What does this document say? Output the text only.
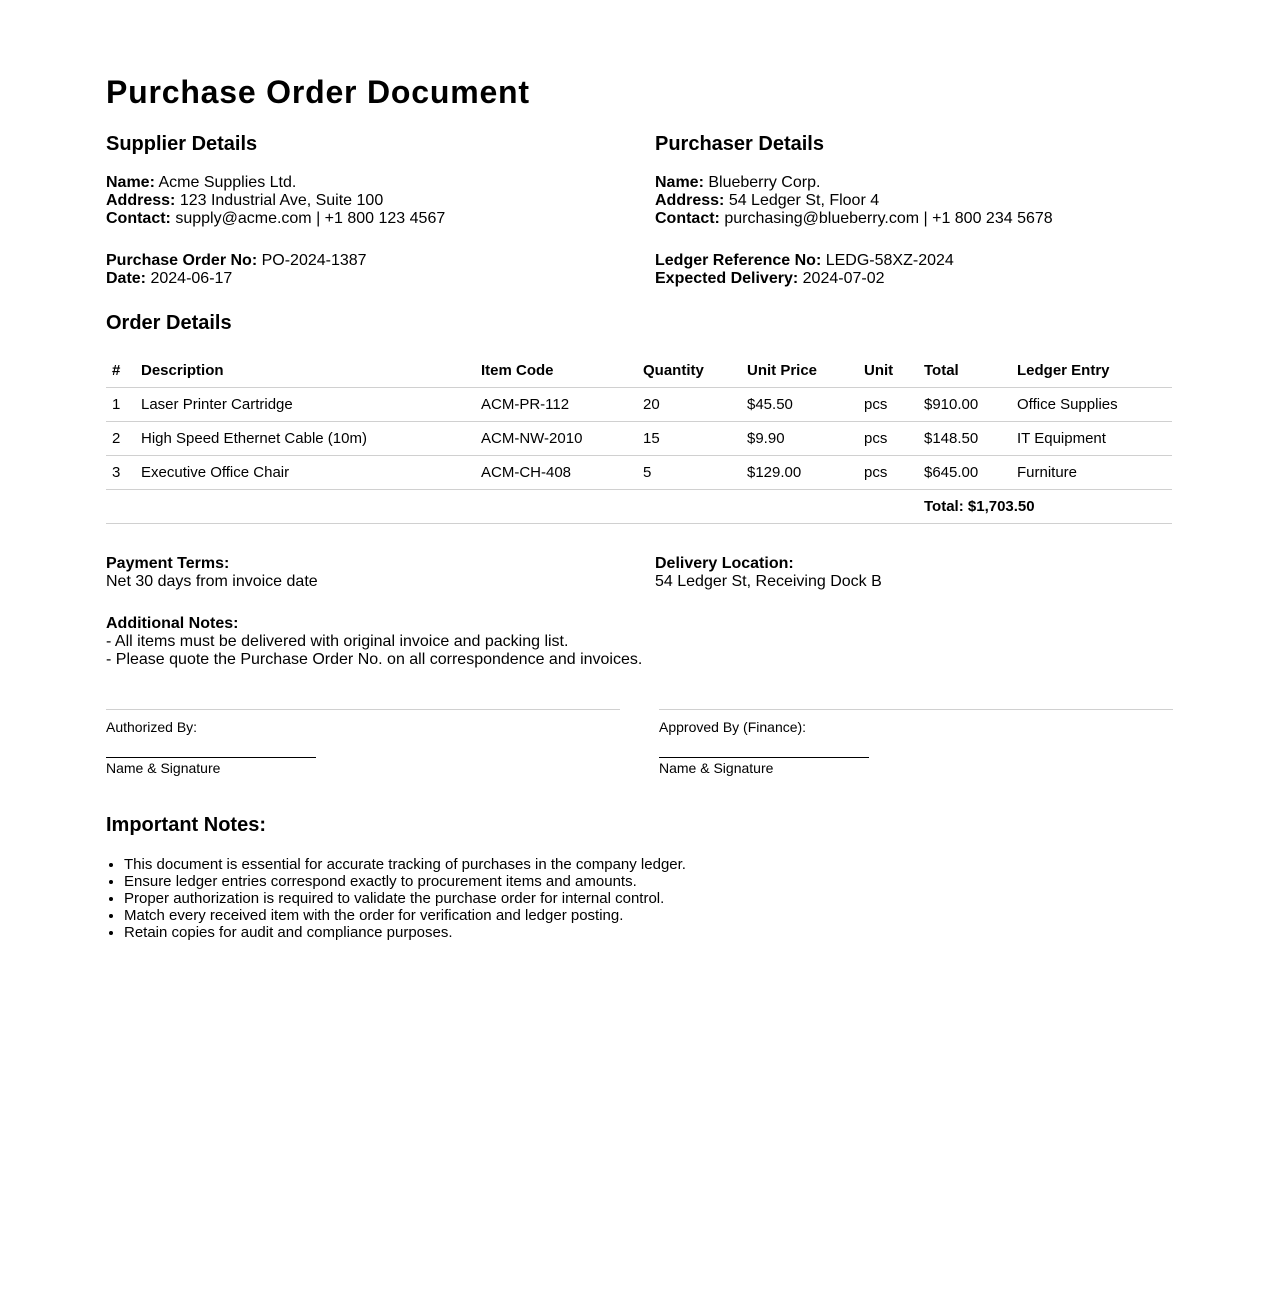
Purchase Order Document
Supplier Details	Purchaser Details
Name: Acme Supplies Ltd.
Address: 123 Industrial Ave, Suite 100
Contact: supply@acme.com | +1 800 123 4567
Name: Blueberry Corp.
Address: 54 Ledger St, Floor 4
Contact: purchasing@blueberry.com | +1 800 234 5678
Purchase Order No: PO-2024-1387
Date: 2024-06-17
Ledger Reference No: LEDG-58XZ-2024
Expected Delivery: 2024-07-02
Order Details
#	Description	Item Code	Quantity	Unit Price	Unit	Total	Ledger Entry
1	Laser Printer Cartridge	ACM-PR-112	20	$45.50	pcs	$910.00	Office Supplies
2	High Speed Ethernet Cable (10m)	ACM-NW-2010	15	$9.90	pcs	$148.50	IT Equipment
3	Executive Office Chair	ACM-CH-408	5	$129.00	pcs	$645.00	Furniture
						Total: $1,703.50	
Payment Terms:
Net 30 days from invoice date
Delivery Location:
54 Ledger St, Receiving Dock B
Additional Notes:
- All items must be delivered with original invoice and packing list.
- Please quote the Purchase Order No. on all correspondence and invoices.
Authorized By:
Name & Signature
Approved By (Finance):
Name & Signature
Important Notes:
• This document is essential for accurate tracking of purchases in the company ledger.
• Ensure ledger entries correspond exactly to procurement items and amounts.
• Proper authorization is required to validate the purchase order for internal control.
• Match every received item with the order for verification and ledger posting.
• Retain copies for audit and compliance purposes.
